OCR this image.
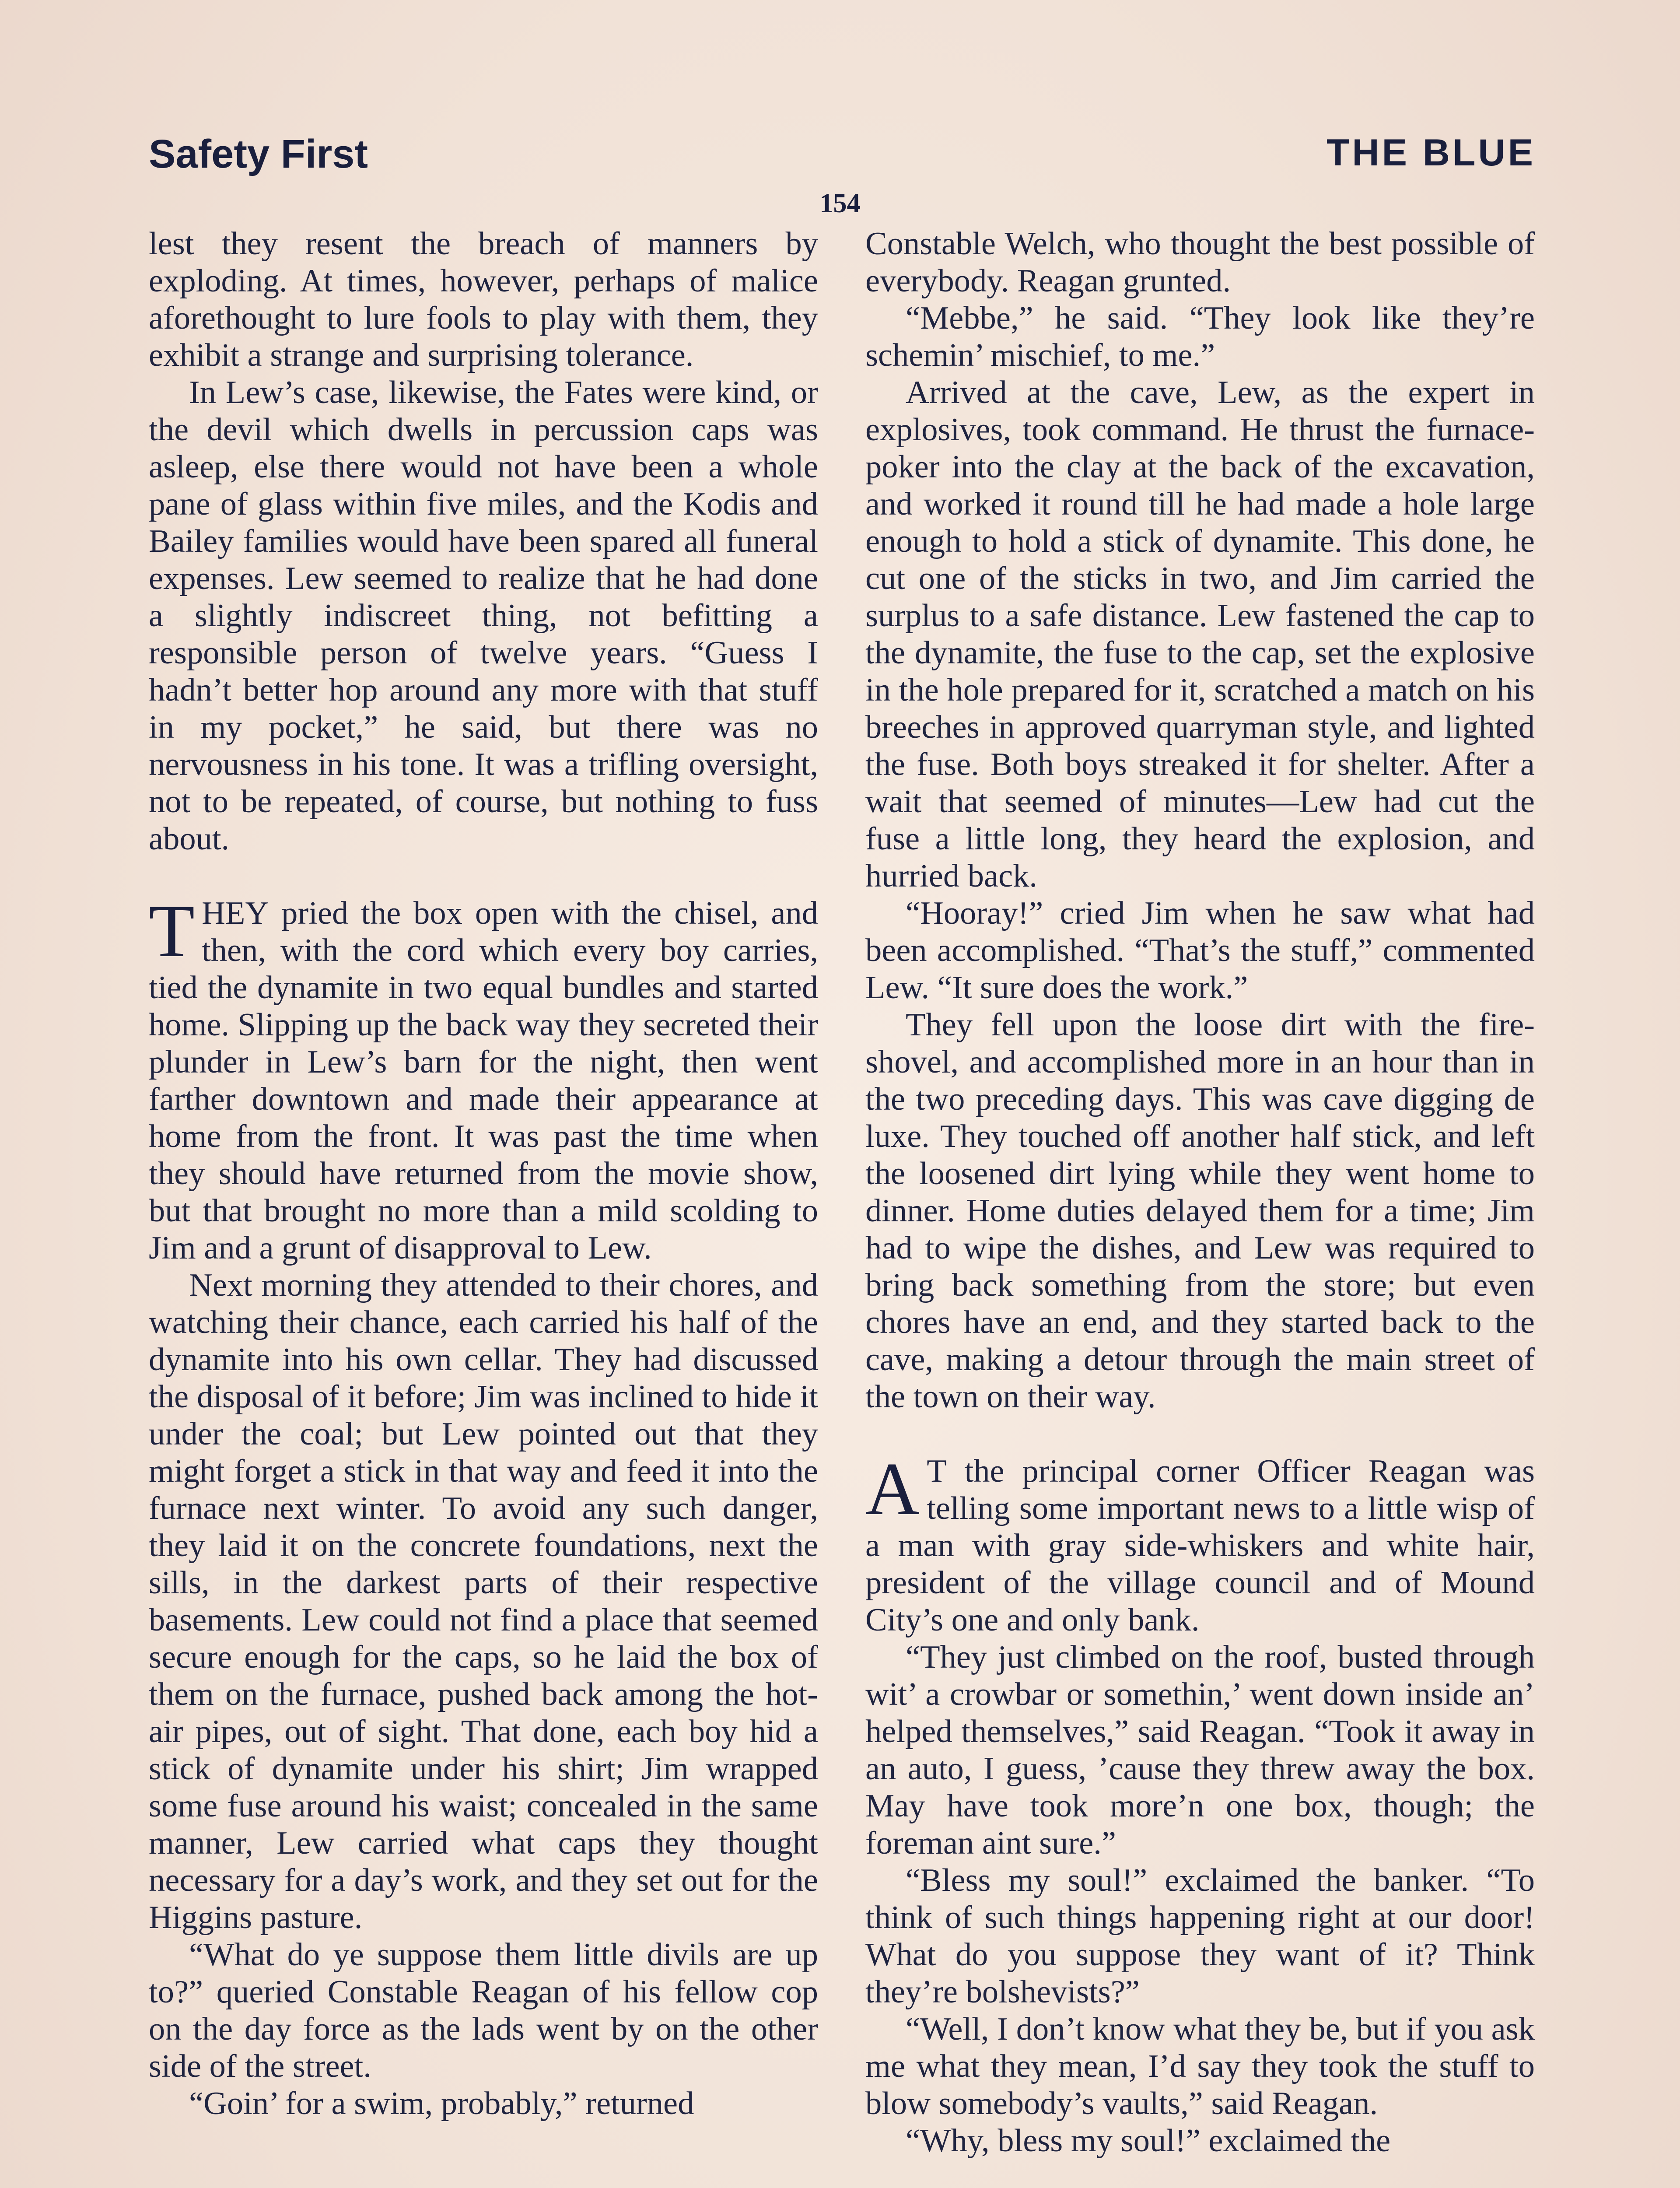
Safety First	THE BLUE
154

lest they resent the breach of manners by exploding. At times, however, perhaps of malice aforethought to lure fools to play with them, they exhibit a strange and surprising tolerance.

In Lew’s case, likewise, the Fates were kind, or the devil which dwells in percussion caps was asleep, else there would not have been a whole pane of glass within five miles, and the Kodis and Bailey families would have been spared all funeral expenses. Lew seemed to realize that he had done a slightly indiscreet thing, not befitting a responsible person of twelve years. “Guess I hadn’t better hop around any more with that stuff in my pocket,” he said, but there was no nervousness in his tone. It was a trifling oversight, not to be repeated, of course, but nothing to fuss about.

THEY pried the box open with the chisel, and then, with the cord which every boy carries, tied the dynamite in two equal bundles and started home. Slipping up the back way they secreted their plunder in Lew’s barn for the night, then went farther downtown and made their appearance at home from the front. It was past the time when they should have returned from the movie show, but that brought no more than a mild scolding to Jim and a grunt of disapproval to Lew.

Next morning they attended to their chores, and watching their chance, each carried his half of the dynamite into his own cellar. They had discussed the disposal of it before; Jim was inclined to hide it under the coal; but Lew pointed out that they might forget a stick in that way and feed it into the furnace next winter. To avoid any such danger, they laid it on the concrete foundations, next the sills, in the darkest parts of their respective basements. Lew could not find a place that seemed secure enough for the caps, so he laid the box of them on the furnace, pushed back among the hot-air pipes, out of sight. That done, each boy hid a stick of dynamite under his shirt; Jim wrapped some fuse around his waist; concealed in the same manner, Lew carried what caps they thought necessary for a day’s work, and they set out for the Higgins pasture.

“What do ye suppose them little divils are up to?” queried Constable Reagan of his fellow cop on the day force as the lads went by on the other side of the street.

“Goin’ for a swim, probably,” returned

Constable Welch, who thought the best possible of everybody. Reagan grunted.

“Mebbe,” he said. “They look like they’re schemin’ mischief, to me.”

Arrived at the cave, Lew, as the expert in explosives, took command. He thrust the furnace-poker into the clay at the back of the excavation, and worked it round till he had made a hole large enough to hold a stick of dynamite. This done, he cut one of the sticks in two, and Jim carried the surplus to a safe distance. Lew fastened the cap to the dynamite, the fuse to the cap, set the explosive in the hole prepared for it, scratched a match on his breeches in approved quarryman style, and lighted the fuse. Both boys streaked it for shelter. After a wait that seemed of minutes—Lew had cut the fuse a little long, they heard the explosion, and hurried back.

“Hooray!” cried Jim when he saw what had been accomplished. “That’s the stuff,” commented Lew. “It sure does the work.”

They fell upon the loose dirt with the fire-shovel, and accomplished more in an hour than in the two preceding days. This was cave digging de luxe. They touched off another half stick, and left the loosened dirt lying while they went home to dinner. Home duties delayed them for a time; Jim had to wipe the dishes, and Lew was required to bring back something from the store; but even chores have an end, and they started back to the cave, making a detour through the main street of the town on their way.

A T the principal corner Officer Reagan was telling some important news to a little wisp of a man with gray side-whiskers and white hair, president of the village council and of Mound City’s one and only bank.

“They just climbed on the roof, busted through wit’ a crowbar or somethin,’ went down inside an’ helped themselves,” said Reagan. “Took it away in an auto, I guess, ’cause they threw away the box. May have took more’n one box, though; the foreman aint sure.”

“Bless my soul!” exclaimed the banker. “To think of such things happening right at our door! What do you suppose they want of it? Think they’re bolshevists?”

“Well, I don’t know what they be, but if you ask me what they mean, I’d say they took the stuff to blow somebody’s vaults,” said Reagan.

“Why, bless my soul!” exclaimed the
